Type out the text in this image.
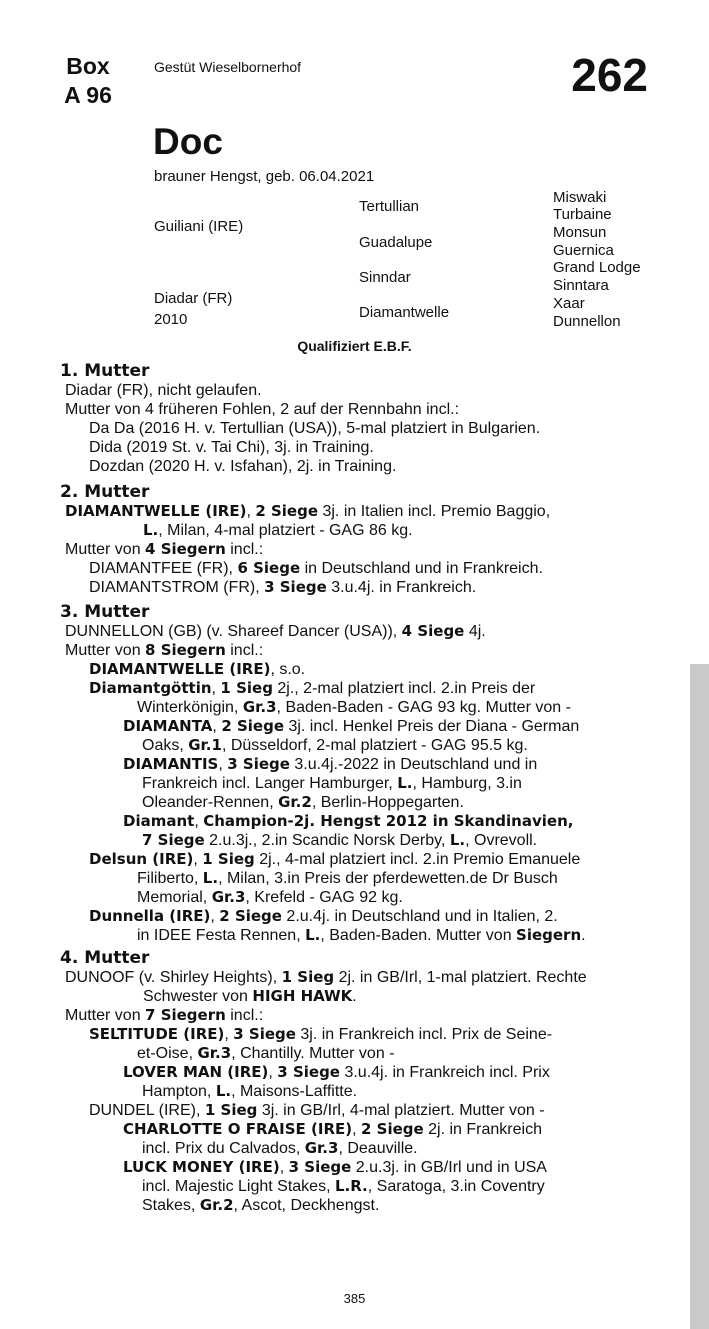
Box
A 96
Gestüt Wieselbornerhof	262
Doc
brauner Hengst, geb. 06.04.2021
Guiliani (IRE)
Diadar (FR)
2010
Tertullian
Guadalupe
Sinndar
Diamantwelle
Miswaki
Turbaine
Monsun
Guernica
Grand Lodge
Sinntara
Xaar
Dunnellon
Qualifiziert E.B.F.
1. Mutter
Diadar (FR), nicht gelaufen.
Mutter von 4 früheren Fohlen, 2 auf der Rennbahn incl.:
Da Da (2016 H. v. Tertullian (USA)), 5-mal platziert in Bulgarien.
Dida (2019 St. v. Tai Chi), 3j. in Training.
Dozdan (2020 H. v. Isfahan), 2j. in Training.
2. Mutter
DIAMANTWELLE (IRE), 2 Siege 3j. in Italien incl. Premio Baggio,
L., Milan, 4-mal platziert - GAG 86 kg.
Mutter von 4 Siegern incl.:
DIAMANTFEE (FR), 6 Siege in Deutschland und in Frankreich.
DIAMANTSTROM (FR), 3 Siege 3.u.4j. in Frankreich.
3. Mutter
DUNNELLON (GB) (v. Shareef Dancer (USA)), 4 Siege 4j.
Mutter von 8 Siegern incl.:
DIAMANTWELLE (IRE), s.o.
Diamantgöttin, 1 Sieg 2j., 2-mal platziert incl. 2.in Preis der
Winterkönigin, Gr.3, Baden-Baden - GAG 93 kg. Mutter von -
DIAMANTA, 2 Siege 3j. incl. Henkel Preis der Diana - German
Oaks, Gr.1, Düsseldorf, 2-mal platziert - GAG 95.5 kg.
DIAMANTIS, 3 Siege 3.u.4j.-2022 in Deutschland und in
Frankreich incl. Langer Hamburger, L., Hamburg, 3.in
Oleander-Rennen, Gr.2, Berlin-Hoppegarten.
Diamant, Champion-2j. Hengst 2012 in Skandinavien,
7 Siege 2.u.3j., 2.in Scandic Norsk Derby, L., Ovrevoll.
Delsun (IRE), 1 Sieg 2j., 4-mal platziert incl. 2.in Premio Emanuele
Filiberto, L., Milan, 3.in Preis der pferdewetten.de Dr Busch
Memorial, Gr.3, Krefeld - GAG 92 kg.
Dunnella (IRE), 2 Siege 2.u.4j. in Deutschland und in Italien, 2.
in IDEE Festa Rennen, L., Baden-Baden. Mutter von Siegern.
4. Mutter
DUNOOF (v. Shirley Heights), 1 Sieg 2j. in GB/Irl, 1-mal platziert. Rechte
Schwester von HIGH HAWK.
Mutter von 7 Siegern incl.:
SELTITUDE (IRE), 3 Siege 3j. in Frankreich incl. Prix de Seine-
et-Oise, Gr.3, Chantilly. Mutter von -
LOVER MAN (IRE), 3 Siege 3.u.4j. in Frankreich incl. Prix
Hampton, L., Maisons-Laffitte.
DUNDEL (IRE), 1 Sieg 3j. in GB/Irl, 4-mal platziert. Mutter von -
CHARLOTTE O FRAISE (IRE), 2 Siege 2j. in Frankreich
incl. Prix du Calvados, Gr.3, Deauville.
LUCK MONEY (IRE), 3 Siege 2.u.3j. in GB/Irl und in USA
incl. Majestic Light Stakes, L.R., Saratoga, 3.in Coventry
Stakes, Gr.2, Ascot, Deckhengst.
385
